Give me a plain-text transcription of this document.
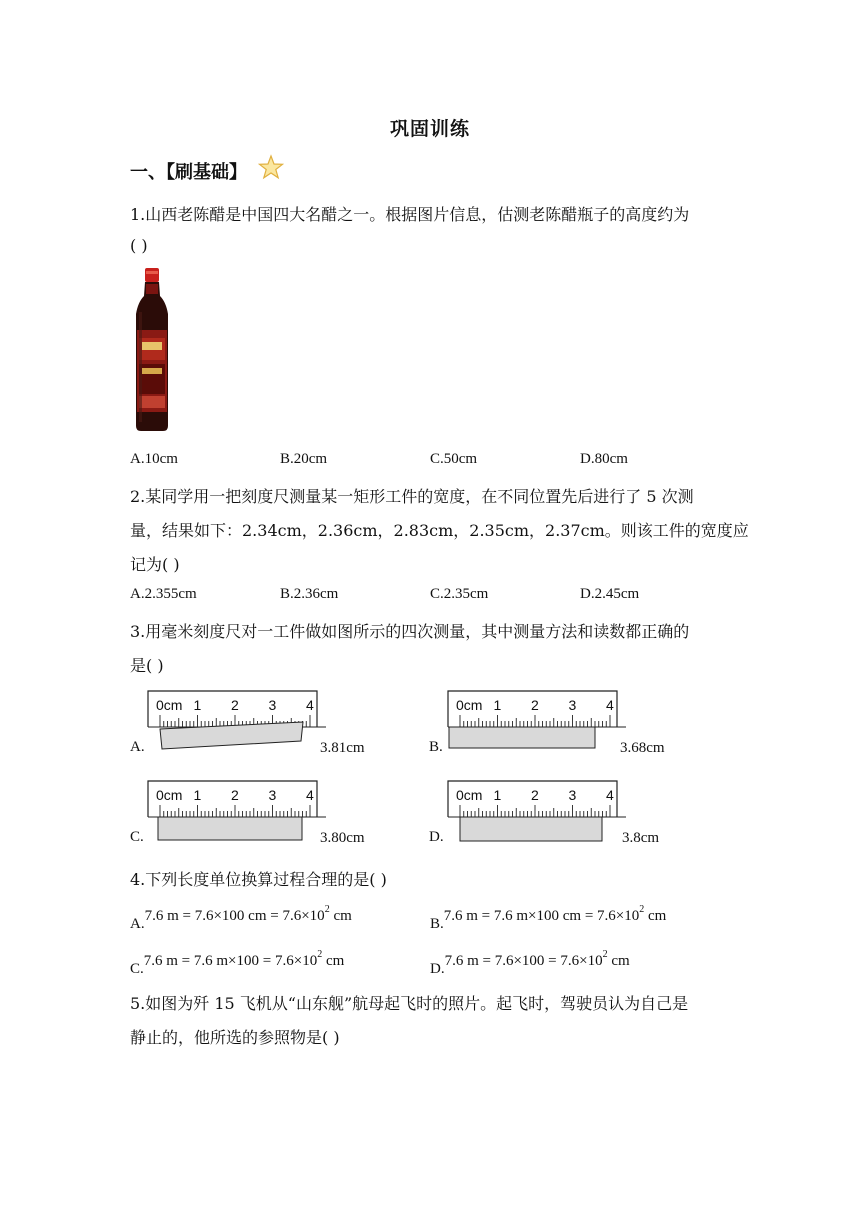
巩固训练
一、【刷基础】
1.山西老陈醋是中国四大名醋之一。根据图片信息，估测老陈醋瓶子的高度约为
( )
A.10cm	B.20cm	C.50cm	D.80cm
2.某同学用一把刻度尺测量某一矩形工件的宽度，在不同位置先后进行了 5 次测
量，结果如下：2.34cm，2.36cm，2.83cm，2.35cm，2.37cm。则该工件的宽度应
记为( )
A.2.355cm	B.2.36cm	C.2.35cm	D.2.45cm
3.用毫米刻度尺对一工件做如图所示的四次测量，其中测量方法和读数都正确的
是( )
0cm 1 2 3 4
A.	3.81cm
0cm 1 2 3 4
B.	3.68cm
0cm 1 2 3 4
C.	3.80cm
0cm 1 2 3 4
D.	3.8cm
4.下列长度单位换算过程合理的是( )
A.7.6 m = 7.6×100 cm = $7.6\times 10^2$ cm	B.7.6 m = 7.6 m×100 cm = $7.6\times 10^2$ cm
C.7.6 m = 7.6 $m\times 100 = 7.6\times 10^2$ cm	D.7.6 $m = 7.6\times 100 = 7.6\times 10^2$ cm
5.如图为歼 15 飞机从“山东舰”航母起飞时的照片。起飞时，驾驶员认为自己是
静止的，他所选的参照物是( )
